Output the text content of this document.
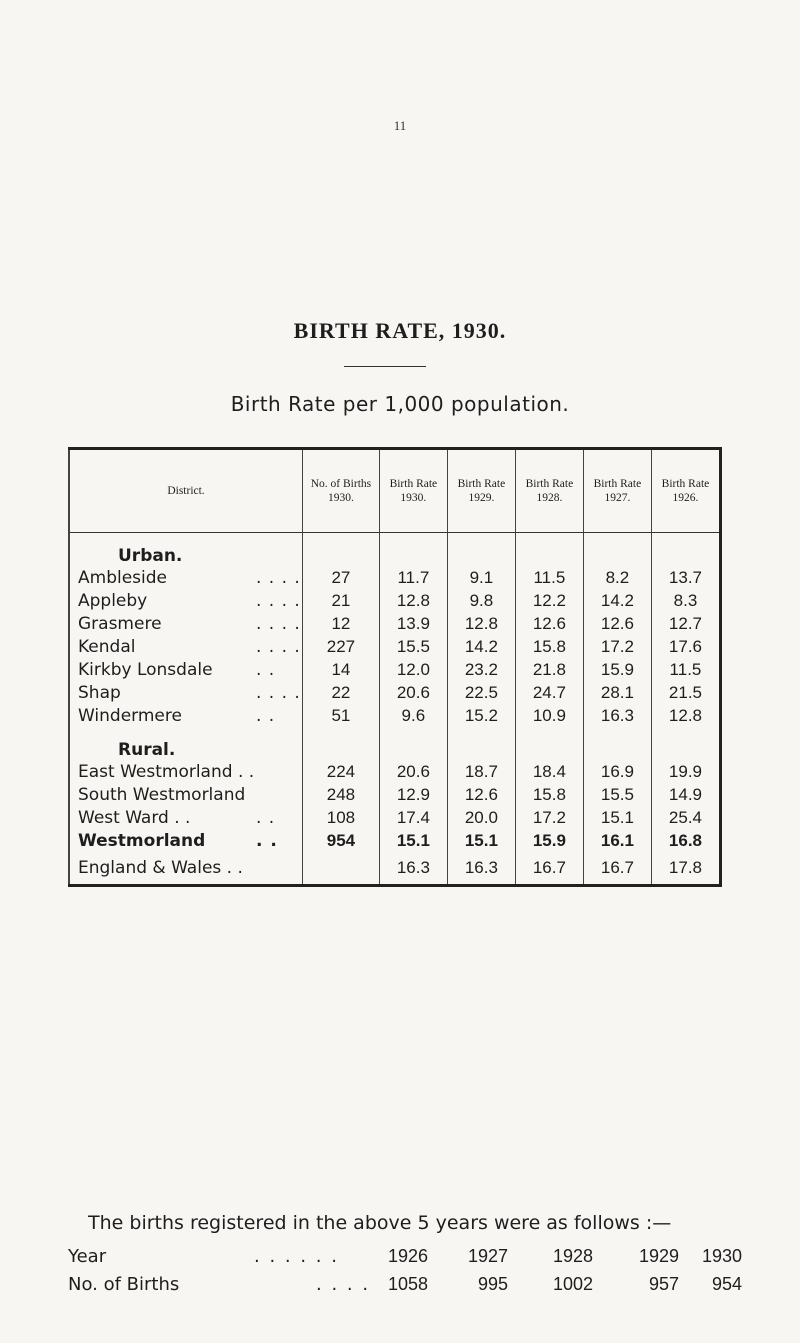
11
BIRTH RATE, 1930.
Birth Rate per 1,000 population.
District.	No. of Births 1930.	Birth Rate 1930.	Birth Rate 1929.	Birth Rate 1928.	Birth Rate 1927.	Birth Rate 1926.
Urban.						
Ambleside . . . .	27	11.7	9.1	11.5	8.2	13.7
Appleby . . . .	21	12.8	9.8	12.2	14.2	8.3
Grasmere . . . .	12	13.9	12.8	12.6	12.6	12.7
Kendal . . . .	227	15.5	14.2	15.8	17.2	17.6
Kirkby Lonsdale . .	14	12.0	23.2	21.8	15.9	11.5
Shap . . . .	22	20.6	22.5	24.7	28.1	21.5
Windermere . .	51	9.6	15.2	10.9	16.3	12.8
Rural.						
East Westmorland . .	224	20.6	18.7	18.4	16.9	19.9
South Westmorland	248	12.9	12.6	15.8	15.5	14.9
West Ward . . . .	108	17.4	20.0	17.2	15.1	25.4
Westmorland . .	954	15.1	15.1	15.9	16.1	16.8
England & Wales . .		16.3	16.3	16.7	16.7	17.8
The births registered in the above 5 years were as follows :—
Year	. . . . . .	1926	1927	1928	1929	1930
No. of Births	. . . . 1058	995	1002	957	954
